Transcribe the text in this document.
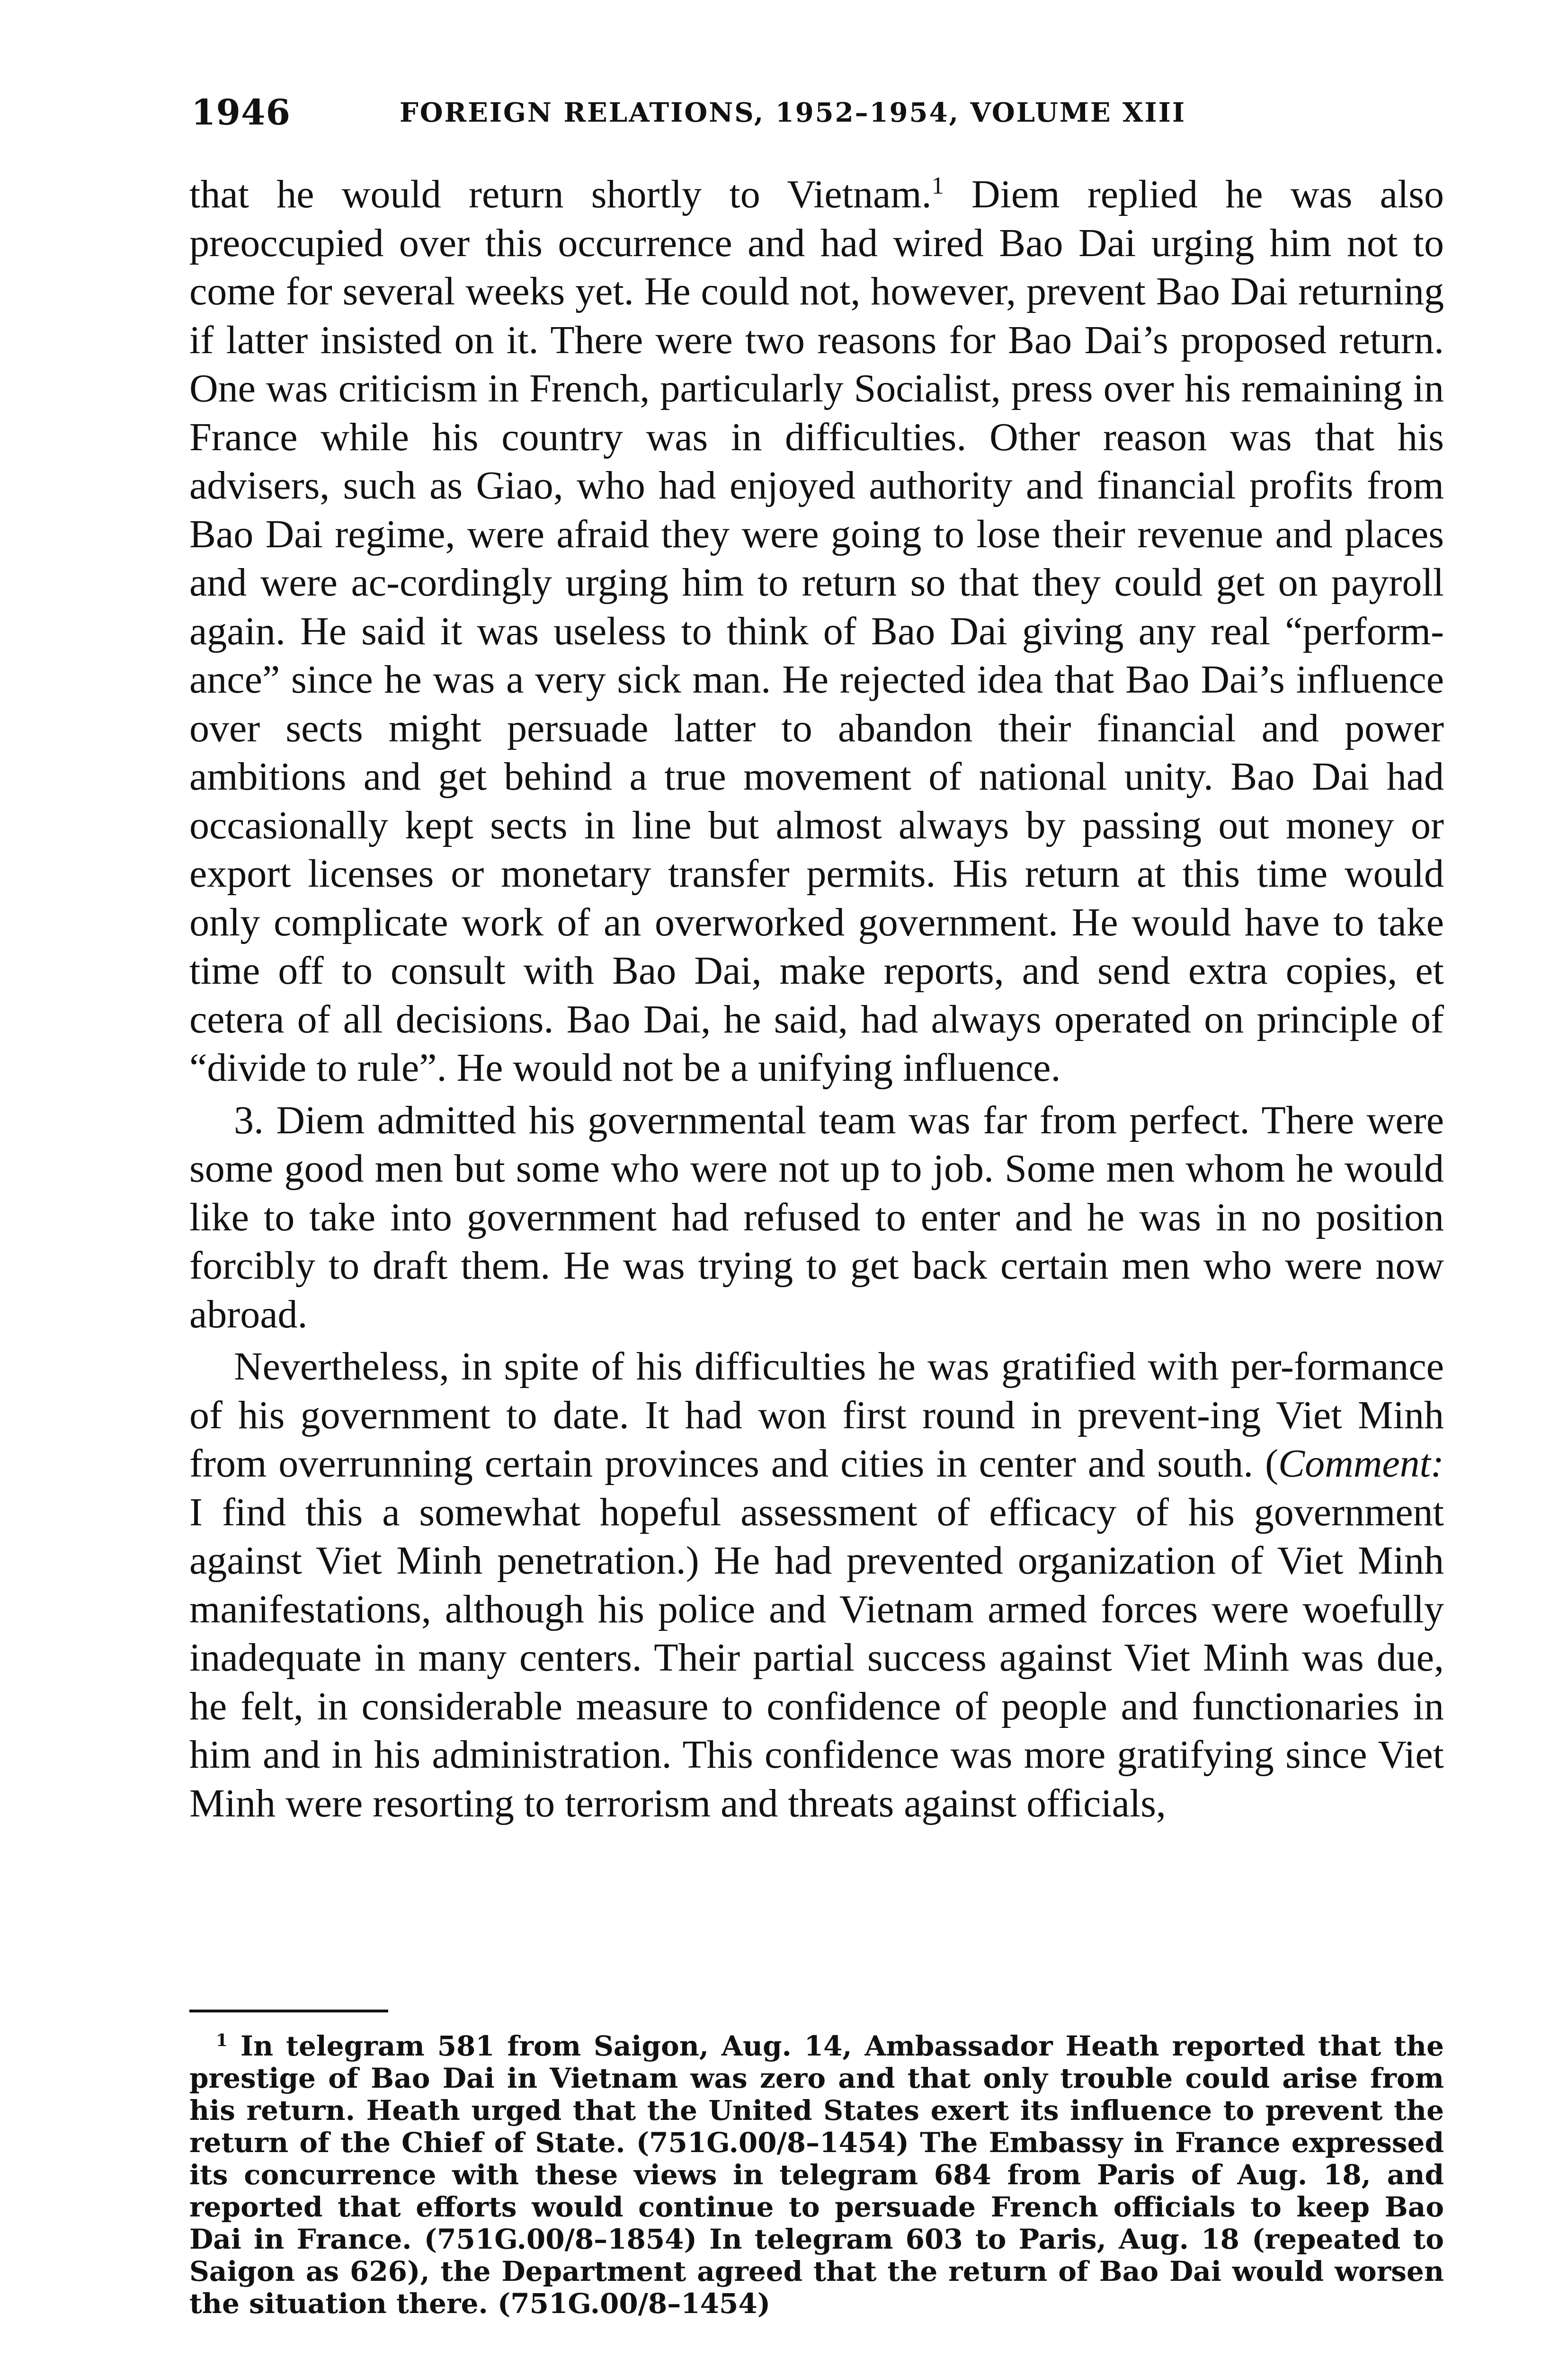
1946	FOREIGN RELATIONS, 1952–1954, VOLUME XIII

that he would return shortly to Vietnam.$^1$ Diem replied he was also preoccupied over this occurrence and had wired Bao Dai urging him not to come for several weeks yet. He could not, however, prevent Bao Dai returning if latter insisted on it. There were two reasons for Bao Dai’s proposed return. One was criticism in French, particularly Socialist, press over his remaining in France while his country was in difficulties. Other reason was that his advisers, such as Giao, who had enjoyed authority and financial profits from Bao Dai regime, were afraid they were going to lose their revenue and places and were ac-cordingly urging him to return so that they could get on payroll again. He said it was useless to think of Bao Dai giving any real “perform-ance” since he was a very sick man. He rejected idea that Bao Dai’s influence over sects might persuade latter to abandon their financial and power ambitions and get behind a true movement of national unity. Bao Dai had occasionally kept sects in line but almost always by passing out money or export licenses or monetary transfer permits. His return at this time would only complicate work of an overworked government. He would have to take time off to consult with Bao Dai, make reports, and send extra copies, et cetera of all decisions. Bao Dai, he said, had always operated on principle of “divide to rule”. He would not be a unifying influence.

3. Diem admitted his governmental team was far from perfect. There were some good men but some who were not up to job. Some men whom he would like to take into government had refused to enter and he was in no position forcibly to draft them. He was trying to get back certain men who were now abroad.

Nevertheless, in spite of his difficulties he was gratified with per-formance of his government to date. It had won first round in prevent-ing Viet Minh from overrunning certain provinces and cities in center and south. (Comment: I find this a somewhat hopeful assessment of efficacy of his government against Viet Minh penetration.) He had prevented organization of Viet Minh manifestations, although his police and Vietnam armed forces were woefully inadequate in many centers. Their partial success against Viet Minh was due, he felt, in considerable measure to confidence of people and functionaries in him and in his administration. This confidence was more gratifying since Viet Minh were resorting to terrorism and threats against officials,

$^1$ In telegram 581 from Saigon, Aug. 14, Ambassador Heath reported that the prestige of Bao Dai in Vietnam was zero and that only trouble could arise from his return. Heath urged that the United States exert its influence to prevent the return of the Chief of State. (751G.00/8–1454) The Embassy in France expressed its concurrence with these views in telegram 684 from Paris of Aug. 18, and reported that efforts would continue to persuade French officials to keep Bao Dai in France. (751G.00/8–1854) In telegram 603 to Paris, Aug. 18 (repeated to Saigon as 626), the Department agreed that the return of Bao Dai would worsen the situation there. (751G.00/8–1454)
